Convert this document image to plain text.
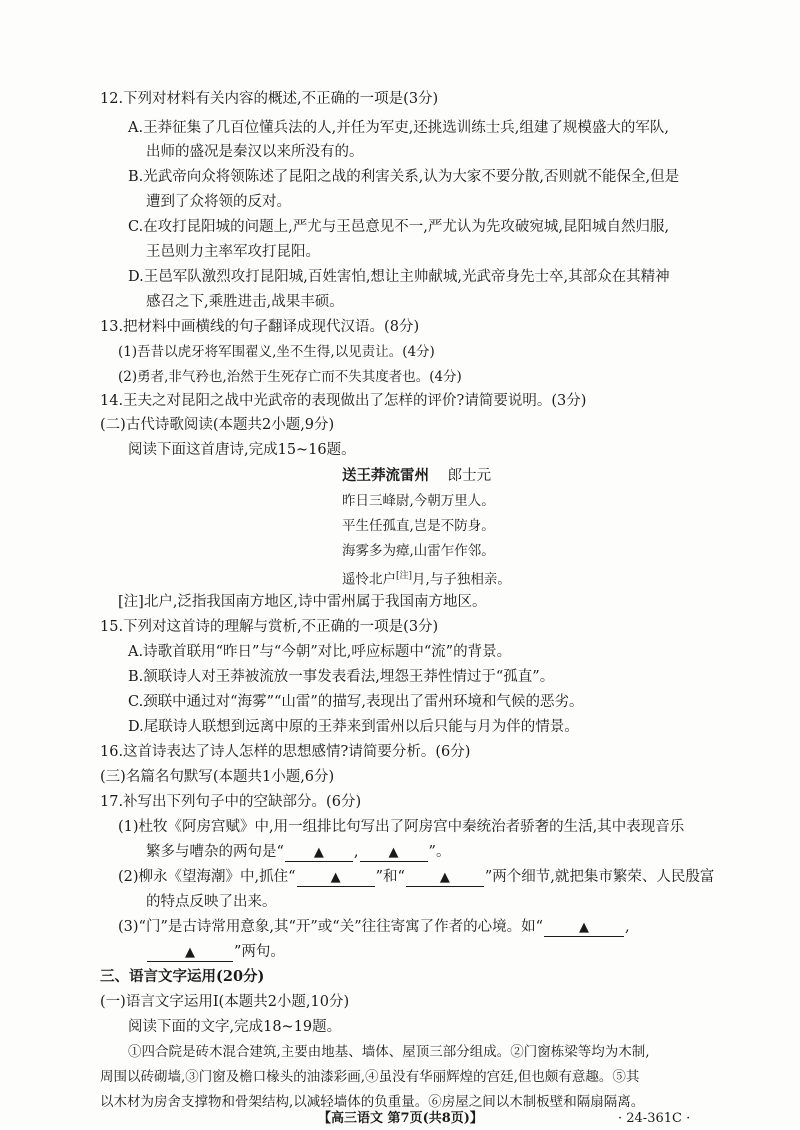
12.下列对材料有关内容的概述,不正确的一项是(3分)
A.王莽征集了几百位懂兵法的人,并任为军吏,还挑选训练士兵,组建了规模盛大的军队,
出师的盛况是秦汉以来所没有的。
B.光武帝向众将领陈述了昆阳之战的利害关系,认为大家不要分散,否则就不能保全,但是
遭到了众将领的反对。
C.在攻打昆阳城的问题上,严尤与王邑意见不一,严尤认为先攻破宛城,昆阳城自然归服,
王邑则力主率军攻打昆阳。
D.王邑军队激烈攻打昆阳城,百姓害怕,想让主帅献城,光武帝身先士卒,其部众在其精神
感召之下,乘胜进击,战果丰硕。
13.把材料中画横线的句子翻译成现代汉语。(8分)
(1)吾昔以虎牙将军围翟义,坐不生得,以见责让。(4分)
(2)勇者,非气矜也,治然于生死存亡而不失其度者也。(4分)
14.王夫之对昆阳之战中光武帝的表现做出了怎样的评价?请简要说明。(3分)
(二)古代诗歌阅读(本题共2小题,9分)
阅读下面这首唐诗,完成15~16题。
送王莽流雷州 郎士元
昨日三峰尉,今朝万里人。
平生任孤直,岂是不防身。
海雾多为瘴,山雷乍作邻。
遥怜北户[注]月,与子独相亲。
[注]北户,泛指我国南方地区,诗中雷州属于我国南方地区。
15.下列对这首诗的理解与赏析,不正确的一项是(3分)
A.诗歌首联用“昨日”与“今朝”对比,呼应标题中“流”的背景。
B.颔联诗人对王莽被流放一事发表看法,埋怨王莽性情过于“孤直”。
C.颈联中通过对“海雾”“山雷”的描写,表现出了雷州环境和气候的恶劣。
D.尾联诗人联想到远离中原的王莽来到雷州以后只能与月为伴的情景。
16.这首诗表达了诗人怎样的思想感情?请简要分析。(6分)
(三)名篇名句默写(本题共1小题,6分)
17.补写出下列句子中的空缺部分。(6分)
(1)杜牧《阿房宫赋》中,用一组排比句写出了阿房宫中秦统治者骄奢的生活,其中表现音乐
繁多与嘈杂的两句是“ ▲ , ▲ ”。
(2)柳永《望海潮》中,抓住“	▲ ”和“	▲ ”两个细节,就把集市繁荣、人民殷富
的特点反映了出来。
(3)“门”是古诗常用意象,其“开”或“关”往往寄寓了作者的心境。如“	▲ ,
▲	”两句。
三、语言文字运用(20分)
(一)语言文字运用Ⅰ(本题共2小题,10分)
阅读下面的文字,完成18~19题。
①四合院是砖木混合建筑,主要由地基、墙体、屋顶三部分组成。②门窗栋梁等均为木制,
周围以砖砌墙,③门窗及檐口椽头的油漆彩画,④虽没有华丽辉煌的宫廷,但也颇有意趣。⑤其
以木材为房舍支撑物和骨架结构,以减轻墙体的负重量。⑥房屋之间以木制板壁和隔扇隔离。
【高三语文 第7页(共8页)】	· 24-361C ·
